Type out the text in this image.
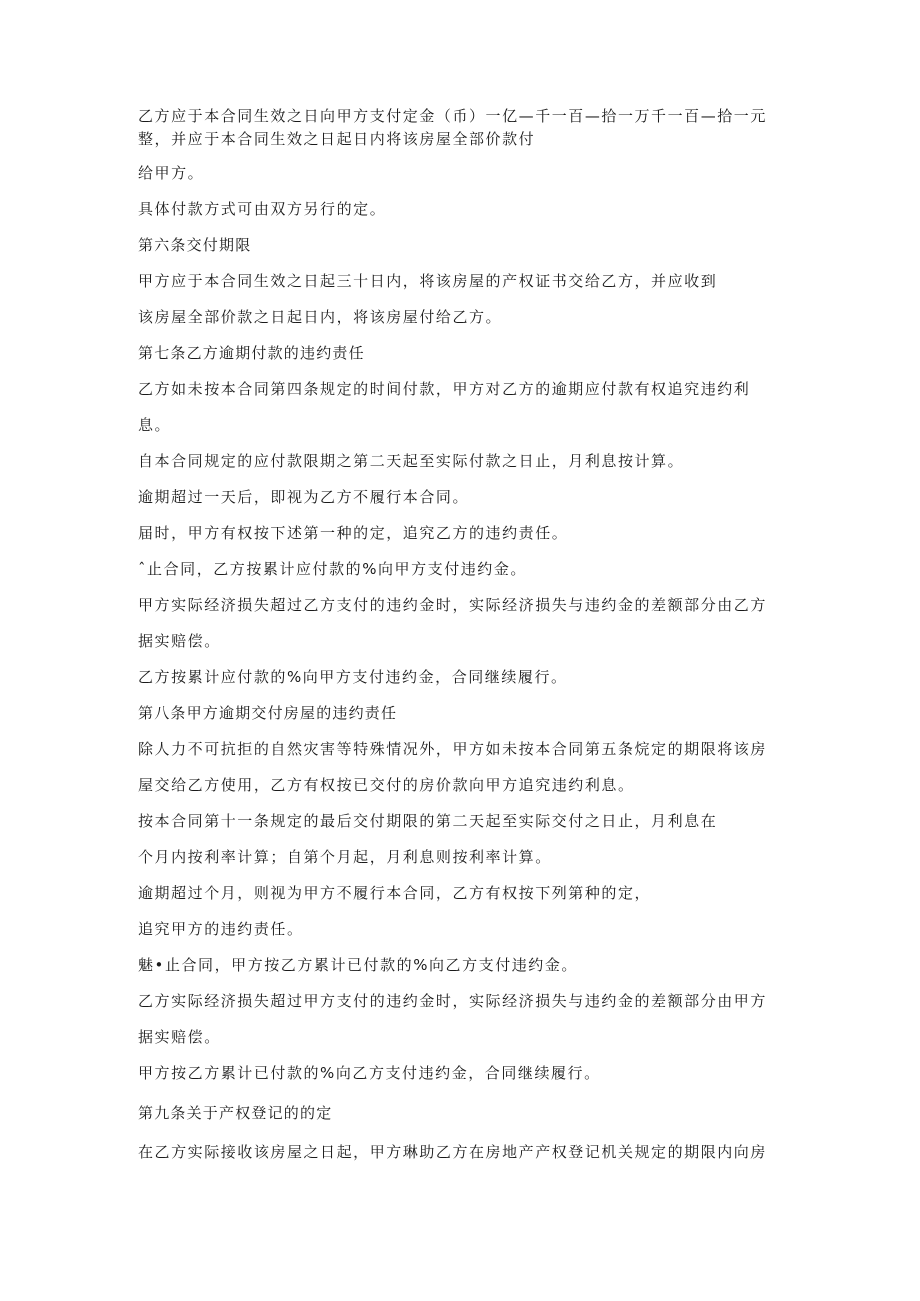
乙方应于本合同生效之日向甲方支付定金（币）一亿—千一百—拾一万千一百—拾一元
整，并应于本合同生效之日起日内将该房屋全部价款付
给甲方。
具体付款方式可由双方另行的定。
第六条交付期限
甲方应于本合同生效之日起三十日内，将该房屋的产权证书交给乙方，并应收到
该房屋全部价款之日起日内，将该房屋付给乙方。
第七条乙方逾期付款的违约责任
乙方如未按本合同第四条规定的时间付款，甲方对乙方的逾期应付款有权追究违约利
息。
自本合同规定的应付款限期之第二天起至实际付款之日止，月利息按计算。
逾期超过一天后，即视为乙方不履行本合同。
届时，甲方有权按下述第一种的定，追究乙方的违约责任。
ˆ止合同，乙方按累计应付款的%向甲方支付违约金。
甲方实际经济损失超过乙方支付的违约金时，实际经济损失与违约金的差额部分由乙方
据实赔偿。
乙方按累计应付款的%向甲方支付违约金，合同继续履行。
第八条甲方逾期交付房屋的违约责任
除人力不可抗拒的自然灾害等特殊情况外，甲方如未按本合同第五条烷定的期限将该房
屋交给乙方使用，乙方有权按已交付的房价款向甲方追究违约利息。
按本合同第十一条规定的最后交付期限的第二天起至实际交付之日止，月利息在
个月内按利率计算；自第个月起，月利息则按利率计算。
逾期超过个月，则视为甲方不履行本合同，乙方有权按下列第种的定，
追究甲方的违约责任。
魅•止合同，甲方按乙方累计已付款的%向乙方支付违约金。
乙方实际经济损失超过甲方支付的违约金时，实际经济损失与违约金的差额部分由甲方
据实赔偿。
甲方按乙方累计已付款的%向乙方支付违约金，合同继续履行。
第九条关于产权登记的的定
在乙方实际接收该房屋之日起，甲方琳助乙方在房地产产权登记机关规定的期限内向房
